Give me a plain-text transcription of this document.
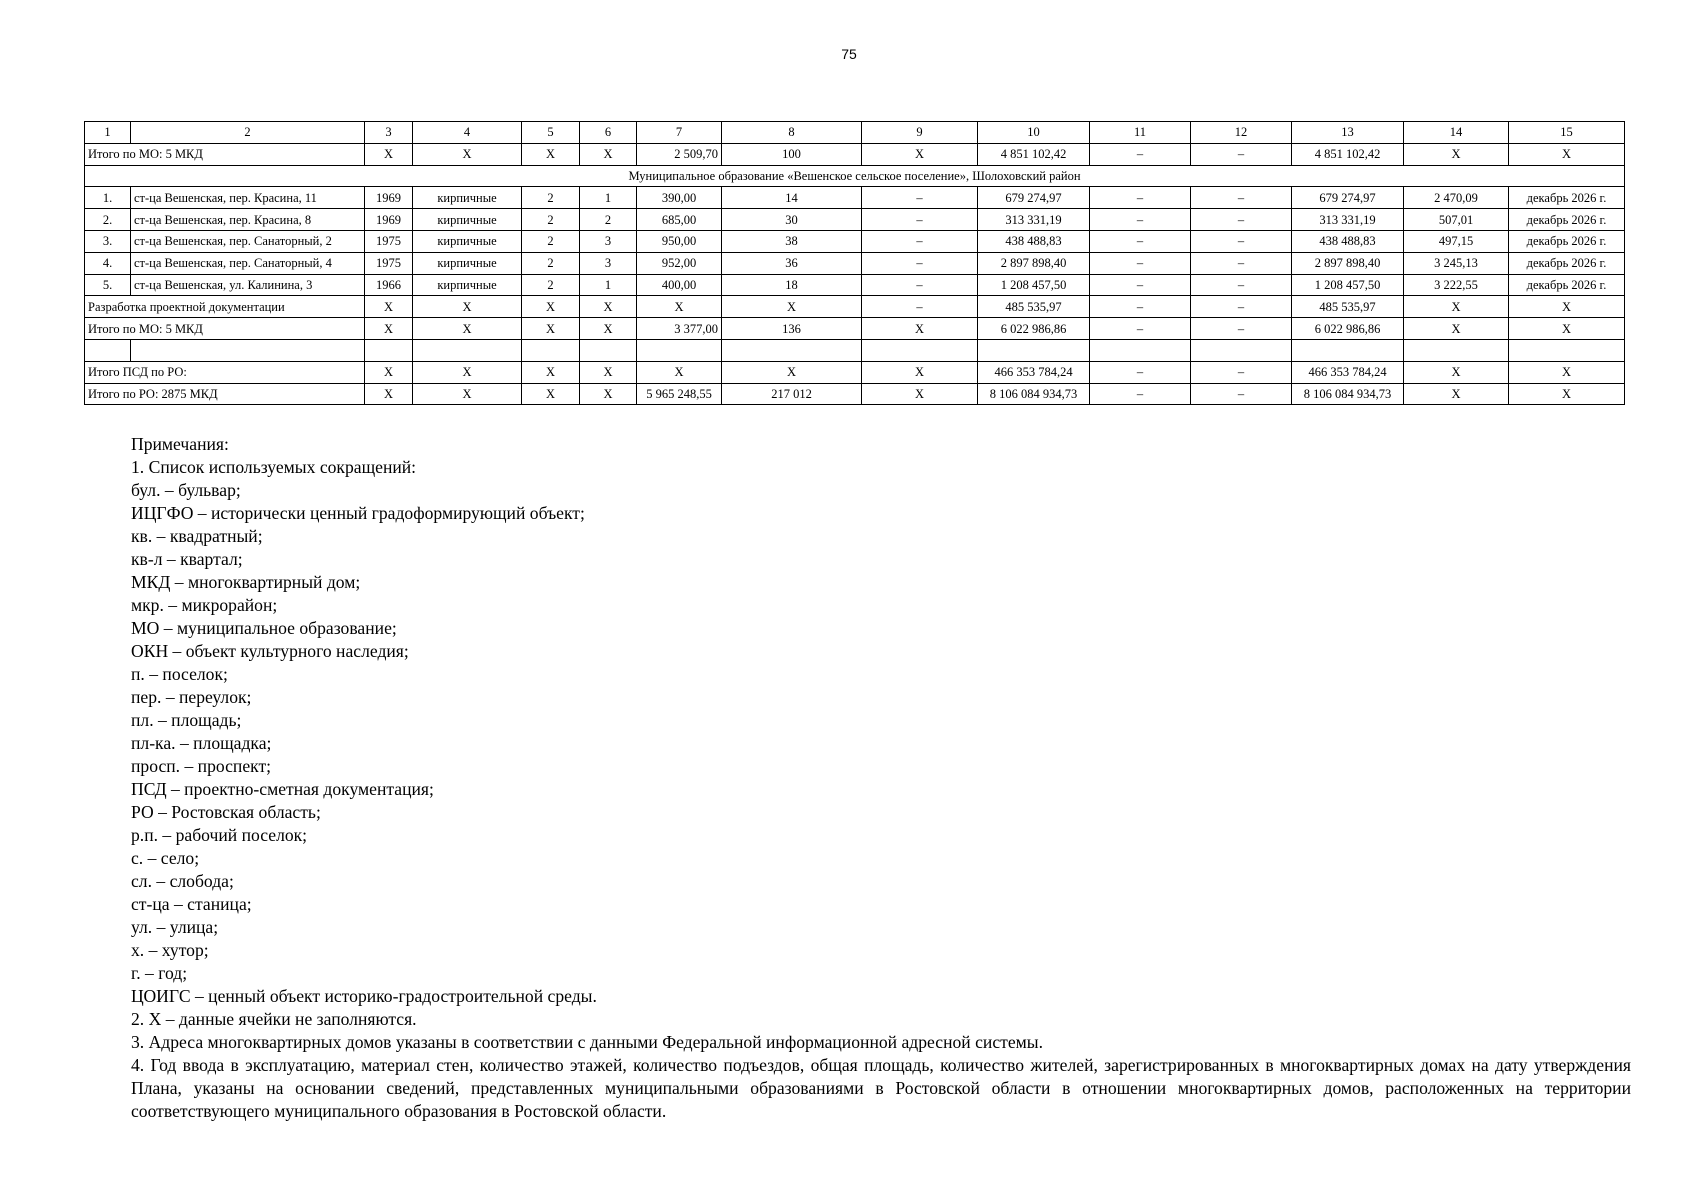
75
1	2	3	4	5	6	7	8	9	10	11	12	13	14	15
Итого по МО: 5 МКД		X	X	X	X	2 509,70	100	X	4 851 102,42	–	–	4 851 102,42	X	X
Муниципальное образование «Вешенское сельское поселение», Шолоховский район														
1.	ст-ца Вешенская, пер. Красина, 11	1969	кирпичные	2	1	390,00	14	–	679 274,97	–	–	679 274,97	2 470,09	декабрь 2026 г.
2.	ст-ца Вешенская, пер. Красина, 8	1969	кирпичные	2	2	685,00	30	–	313 331,19	–	–	313 331,19	507,01	декабрь 2026 г.
3.	ст-ца Вешенская, пер. Санаторный, 2	1975	кирпичные	2	3	950,00	38	–	438 488,83	–	–	438 488,83	497,15	декабрь 2026 г.
4.	ст-ца Вешенская, пер. Санаторный, 4	1975	кирпичные	2	3	952,00	36	–	2 897 898,40	–	–	2 897 898,40	3 245,13	декабрь 2026 г.
5.	ст-ца Вешенская, ул. Калинина, 3	1966	кирпичные	2	1	400,00	18	–	1 208 457,50	–	–	1 208 457,50	3 222,55	декабрь 2026 г.
Разработка проектной документации		X	X	X	X	X	X	–	485 535,97	–	–	485 535,97	X	X
Итого по МО: 5 МКД		X	X	X	X	3 377,00	136	X	6 022 986,86	–	–	6 022 986,86	X	X

Итого ПСД по РО:		X	X	X	X	X	X	X	466 353 784,24	–	–	466 353 784,24	X	X
Итого по РО: 2875 МКД		X	X	X	X	5 965 248,55	217 012	X	8 106 084 934,73	–	–	8 106 084 934,73	X	X

Примечания:

1. Список используемых сокращений:

бул. – бульвар;

ИЦГФО – исторически ценный градоформирующий объект;

кв. – квадратный;

кв-л – квартал;

МКД – многоквартирный дом;

мкр. – микрорайон;

МО – муниципальное образование;

ОКН – объект культурного наследия;

п. – поселок;

пер. – переулок;

пл. – площадь;

пл-ка. – площадка;

просп. – проспект;

ПСД – проектно-сметная документация;

РО – Ростовская область;

р.п. – рабочий поселок;

с. – село;

сл. – слобода;

ст-ца – станица;

ул. – улица;

х. – хутор;

г. – год;

ЦОИГС – ценный объект историко-градостроительной среды.

2. Х – данные ячейки не заполняются.

3. Адреса многоквартирных домов указаны в соответствии с данными Федеральной информационной адресной системы.

4. Год ввода в эксплуатацию, материал стен, количество этажей, количество подъездов, общая площадь, количество жителей, зарегистрированных в многоквартирных домах на дату утверждения Плана, указаны на основании сведений, представленных муниципальными образованиями в Ростовской области в отношении многоквартирных домов, расположенных на территории соответствующего муниципального образования в Ростовской области.
